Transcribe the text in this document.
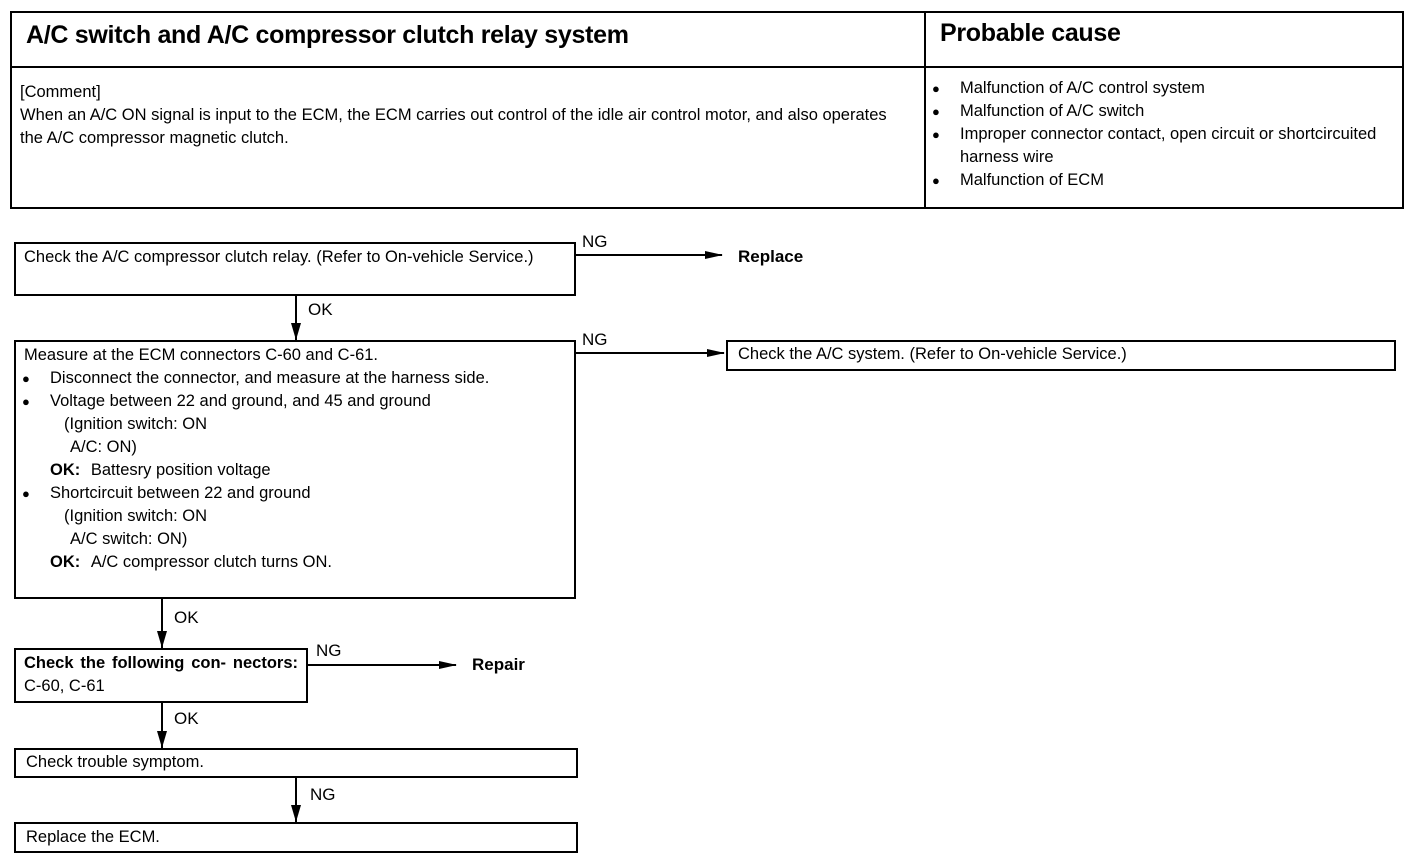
A/C switch and A/C compressor clutch relay system	Probable cause
[Comment]
When an A/C ON signal is input to the ECM, the ECM carries out control of the idle air control motor, and also operates the A/C compressor magnetic clutch.
● Malfunction of A/C control system
● Malfunction of A/C switch
● Improper connector contact, open circuit or shortcircuited harness wire
● Malfunction of ECM
Check the A/C compressor clutch relay. (Refer to On-vehicle Service.)
NG
Replace
OK
Measure at the ECM connectors C-60 and C-61.
● Disconnect the connector, and measure at the harness side.
● Voltage between 22 and ground, and 45 and ground
(Ignition switch: ON
A/C: ON)
OK: Battesry position voltage
● Shortcircuit between 22 and ground
(Ignition switch: ON
A/C switch: ON)
OK: A/C compressor clutch turns ON.
NG
Check the A/C system. (Refer to On-vehicle Service.)
OK
Check the following con- nectors: C-60, C-61
NG
Repair
OK
Check trouble symptom.
NG
Replace the ECM.
